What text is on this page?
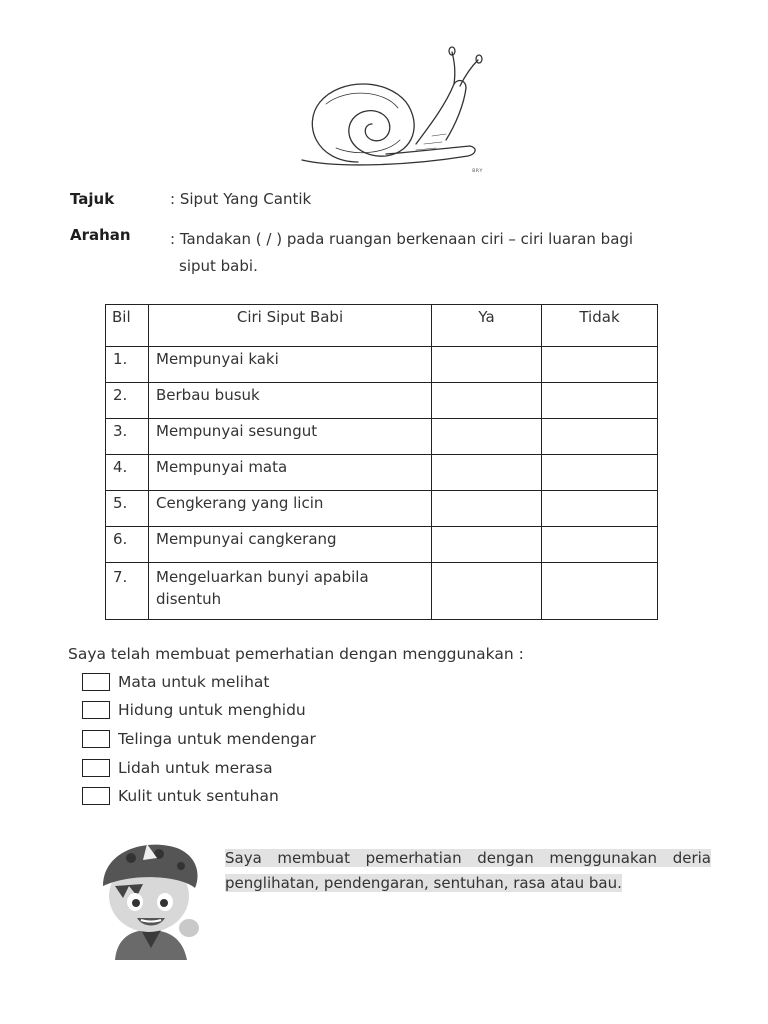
ʙʀʏ
Tajuk	: Siput Yang Cantik
Arahan	: Tandakan ( / ) pada ruangan berkenaan ciri – ciri luaran bagi
siput babi.
Bil	Ciri Siput Babi	Ya	Tidak
1.	Mempunyai kaki		
2.	Berbau busuk		
3.	Mempunyai sesungut		
4.	Mempunyai mata		
5.	Cengkerang yang licin		
6.	Mempunyai cangkerang		
7.	Mengeluarkan bunyi apabila
disentuh		

Saya telah membuat pemerhatian dengan menggunakan :
Mata untuk melihat
Hidung untuk menghidu
Telinga untuk mendengar
Lidah untuk merasa
Kulit untuk sentuhan
Saya membuat pemerhatian dengan menggunakan deria penglihatan, pendengaran, sentuhan, rasa atau bau.
